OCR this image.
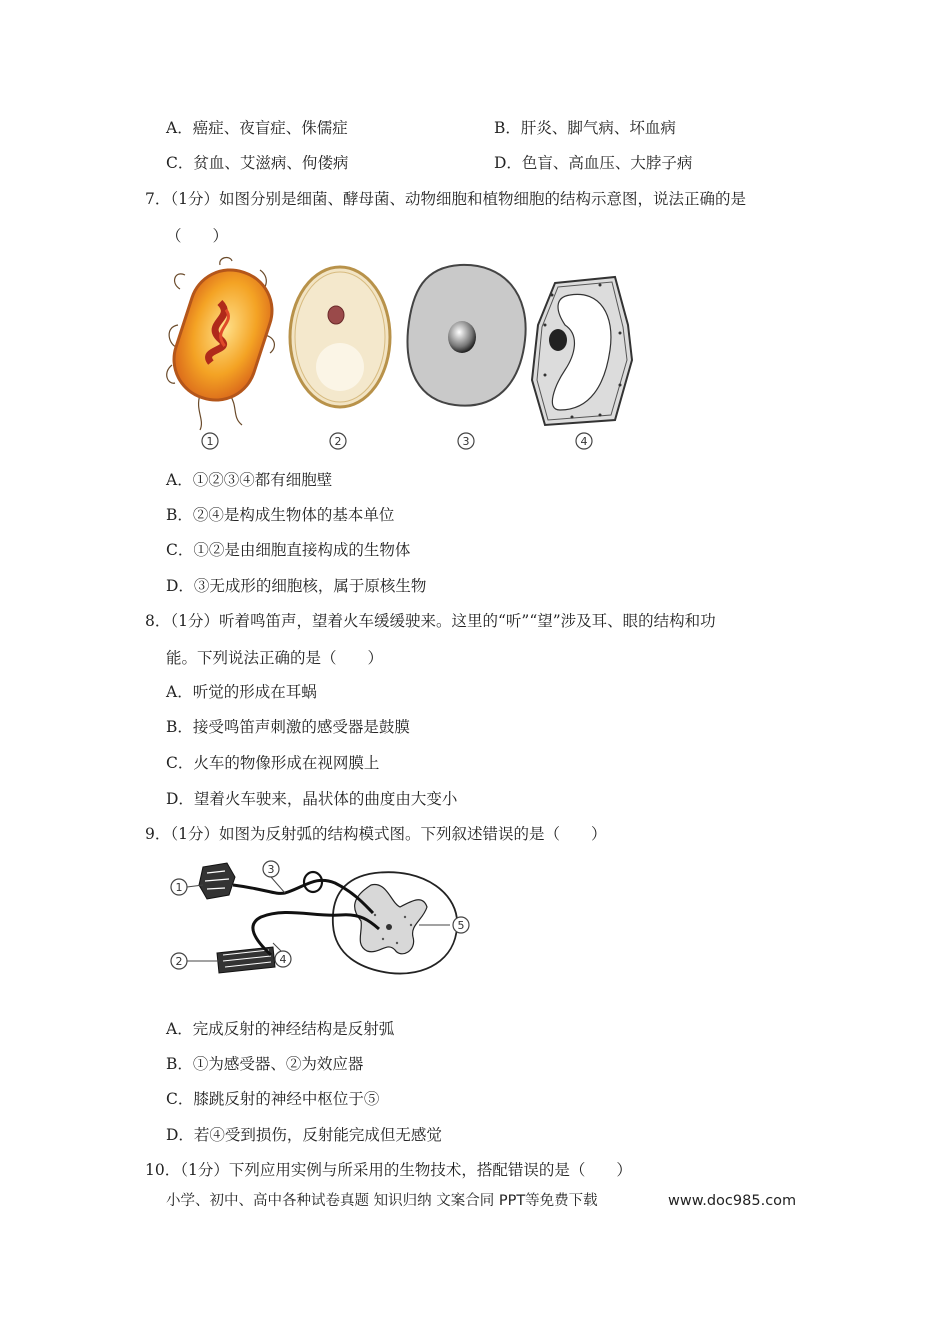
A．癌症、夜盲症、侏儒症	B．肝炎、脚气病、坏血病
C．贫血、艾滋病、佝偻病	D．色盲、高血压、大脖子病
7．（1分）如图分别是细菌、酵母菌、动物细胞和植物细胞的结构示意图，说法正确的是
（　　）
1	2	3	4
A．①②③④都有细胞壁
B．②④是构成生物体的基本单位
C．①②是由细胞直接构成的生物体
D．③无成形的细胞核，属于原核生物
8．（1分）听着鸣笛声，望着火车缓缓驶来。这里的“听”“望”涉及耳、眼的结构和功
能。下列说法正确的是（　　）
A．听觉的形成在耳蜗
B．接受鸣笛声刺激的感受器是鼓膜
C．火车的物像形成在视网膜上
D．望着火车驶来，晶状体的曲度由大变小
9．（1分）如图为反射弧的结构模式图。下列叙述错误的是（　　）
1
2
3
4
5
A．完成反射的神经结构是反射弧
B．①为感受器、②为效应器
C．膝跳反射的神经中枢位于⑤
D．若④受到损伤，反射能完成但无感觉
10．（1分）下列应用实例与所采用的生物技术，搭配错误的是（　　）
小学、初中、高中各种试卷真题 知识归纳 文案合同 PPT等免费下载	www.doc985.com
